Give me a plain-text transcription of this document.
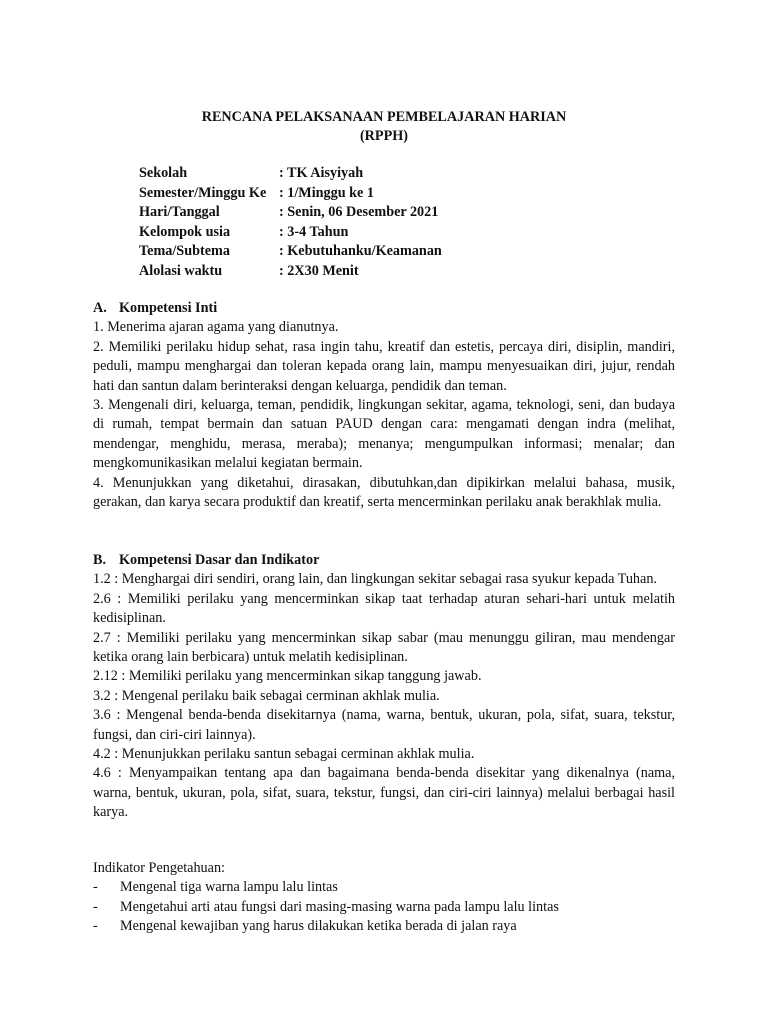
RENCANA PELAKSANAAN PEMBELAJARAN HARIAN
(RPPH)
Sekolah	: TK Aisyiyah
Semester/Minggu Ke : 1/Minggu ke 1
Hari/Tanggal	: Senin, 06 Desember 2021
Kelompok usia	: 3-4 Tahun
Tema/Subtema	: Kebutuhanku/Keamanan
Alolasi waktu	: 2X30 Menit
A. Kompetensi Inti
1. Menerima ajaran agama yang dianutnya.
2. Memiliki perilaku hidup sehat, rasa ingin tahu, kreatif dan estetis, percaya diri, disiplin, mandiri, peduli, mampu menghargai dan toleran kepada orang lain, mampu menyesuaikan diri, jujur, rendah hati dan santun dalam berinteraksi dengan keluarga, pendidik dan teman.
3. Mengenali diri, keluarga, teman, pendidik, lingkungan sekitar, agama, teknologi, seni, dan budaya di rumah, tempat bermain dan satuan PAUD dengan cara: mengamati dengan indra (melihat, mendengar, menghidu, merasa, meraba); menanya; mengumpulkan informasi; menalar; dan mengkomunikasikan melalui kegiatan bermain.
4. Menunjukkan yang diketahui, dirasakan, dibutuhkan,dan dipikirkan melalui bahasa, musik, gerakan, dan karya secara produktif dan kreatif, serta mencerminkan perilaku anak berakhlak mulia.
B. Kompetensi Dasar dan Indikator
1.2 : Menghargai diri sendiri, orang lain, dan lingkungan sekitar sebagai rasa syukur kepada Tuhan.
2.6 : Memiliki perilaku yang mencerminkan sikap taat terhadap aturan sehari-hari untuk melatih kedisiplinan.
2.7 : Memiliki perilaku yang mencerminkan sikap sabar (mau menunggu giliran, mau mendengar ketika orang lain berbicara) untuk melatih kedisiplinan.
2.12 : Memiliki perilaku yang mencerminkan sikap tanggung jawab.
3.2 : Mengenal perilaku baik sebagai cerminan akhlak mulia.
3.6 : Mengenal benda-benda disekitarnya (nama, warna, bentuk, ukuran, pola, sifat, suara, tekstur, fungsi, dan ciri-ciri lainnya).
4.2 : Menunjukkan perilaku santun sebagai cerminan akhlak mulia.
4.6 : Menyampaikan tentang apa dan bagaimana benda-benda disekitar yang dikenalnya (nama, warna, bentuk, ukuran, pola, sifat, suara, tekstur, fungsi, dan ciri-ciri lainnya) melalui berbagai hasil karya.
Indikator Pengetahuan:
-	Mengenal tiga warna lampu lalu lintas
-	Mengetahui arti atau fungsi dari masing-masing warna pada lampu lalu lintas
-	Mengenal kewajiban yang harus dilakukan ketika berada di jalan raya
